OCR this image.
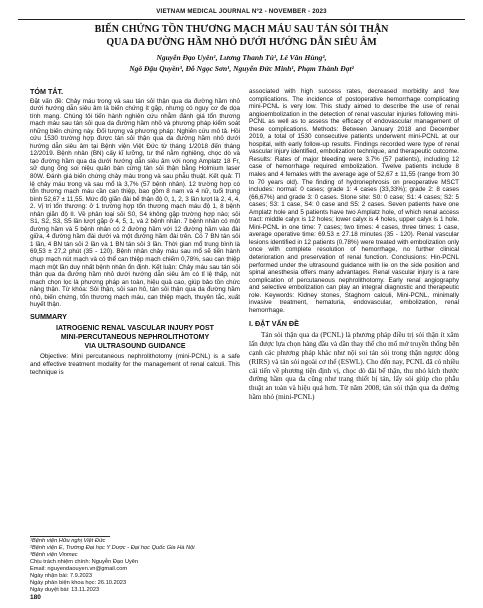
VIETNAM MEDICAL JOURNAL Nº2 - NOVEMBER - 2023
BIẾN CHỨNG TỒN THƯƠNG MẠCH MÁU SAU TÁN SỎI THẬN
QUA DA ĐƯỜNG HẦM NHỎ DƯỚI HƯỚNG DẪN SIÊU ÂM
Nguyễn Đạo Uyên¹, Lương Thanh Tú¹, Lê Văn Hùng²,
Ngô Đậu Quyền³, Đỗ Ngọc Sơn¹, Nguyễn Đức Minh¹, Phạm Thành Đạt²
TÓM TẮT.
Đặt vấn đề: Chảy máu trong và sau tán sỏi thận qua da đường hầm nhỏ dưới hướng dẫn siêu âm là biến chứng ít gặp, nhưng có nguy cơ đe dọa tính mạng. Chúng tôi tiến hành nghiên cứu nhằm đánh giá tổn thương mạch máu sau tán sỏi qua da đường hầm nhỏ và phương pháp kiểm soát những biến chứng này. Đối tượng và phương pháp: Nghiên cứu mô tả. Hồi cứu 1530 trường hợp được tán sỏi thận qua da đường hầm nhỏ dưới hướng dẫn siêu âm tại Bệnh viện Việt Đức từ tháng 1/2018 đến tháng 12/2019. Bệnh nhân (BN) cấy kĩ lưỡng, tư thế nằm nghiêng, chọc dò và tạo đường hầm qua da dưới hướng dẫn siêu âm với nong Amplatz 18 Fr, sử dụng ống soi niệu quản bán cứng tán sỏi thận bằng Holmium laser 80W. Đánh giá biến chứng chảy máu trong và sau phẫu thuật. Kết quả: Tỉ lệ chảy máu trong và sau mổ là 3,7% (57 bệnh nhân). 12 trường hợp có tổn thương mạch máu cần can thiệp, bao gồm 8 nam và 4 nữ, tuổi trung bình 52,67 ± 11,55. Mức độ giãn đài bể thận độ 0, 1, 2, 3 lần lượt là 2, 4, 4, 2. Vị trí tổn thương: ở 1 trường hợp tổn thương mạch máu độ 1, 8 bệnh nhân giãn độ II. Về phân loại sỏi S0, S4 không gặp trường hợp nào; sỏi S1, S2, S3, S5 lần lượt gặp ở 4, 5, 1, và 2 bệnh nhân. 7 bệnh nhân có một đường hầm và 5 bệnh nhân có 2 đường hầm với 12 đường hầm vào đài giữa, 4 đường hầm đài dưới và một đường hầm đài trên. Có 7 BN tán sỏi 1 lần, 4 BN tán sỏi 2 lần và 1 BN tán sỏi 3 lần. Thời gian mổ trung bình là 69,53 ± 27,2 phút (35 - 120). Bệnh nhân chảy máu sau mổ sẽ tiến hành chụp mạch nút mạch và có thể can thiệp mạch chiếm 0,78%, sau can thiệp mạch một lần duy nhất bệnh nhân ổn định. Kết luận: Chảy máu sau tán sỏi thận qua da đường hầm nhỏ dưới hướng dẫn siêu âm có tỉ lệ thấp, nút mạch chọn lọc là phương pháp an toàn, hiệu quả cao, giúp bảo tồn chức năng thận. Từ khóa: Sỏi thận, sỏi san hô, tán sỏi thận qua da đường hầm nhỏ, biến chứng, tổn thương mạch máu, can thiệp mạch, thuyên tắc, xuất huyết thận.
SUMMARY
IATROGENIC RENAL VASCULAR INJURY POST
MINI-PERCUTANEOUS NEPHROLITHOTOMY
VIA ULTRASOUND GUIDANCE
Objective: Mini percutaneous nephrolithotomy (mini-PCNL) is a safe and effective treatment modality for the management of renal calculi. This technique is
associated with high success rates, decreased morbidity and few complications. The incidence of postoperative hemorrhage complicating mini-PCNL is very low. This study aimed to describe the use of renal angioembolization in the detection of renal vascular injuries following mini-PCNL as well as to assess the efficacy of endovascular management of these complications. Methods: Between January 2018 and December 2019, a total of 1530 consecutive patients underwent mini-PCNL at our hospital, with early follow-up results. Findings recorded were type of renal vascular injury identified, embolization technique, and therapeutic outcome. Results: Rates of major bleeding were 3.7% (57 patients), including 12 case of hemorrhage required embolization. Twelve patients include 8 males and 4 females with the average age of 52,67 ± 11,55 (range from 30 to 70 years old). The finding of hydronephrosis on preoperative MSCT includes: normal: 0 cases; grade 1: 4 cases (33,33%); grade 2: 8 cases (66,67%) and grade 3: 0 cases. Stone site: S0: 0 case; S1: 4 cases; S2: 5 cases; S3: 1 case, S4: 0 case and S5: 2 cases. Seven patients have one Amplatz hole and 5 patients have two Amplatz hole, of which renal access tract: middle calyx is 12 holes; lower calyx is 4 holes, upper calyx is 1 hole. Mini-PCNL in one time: 7 cases; two times: 4 cases, three times: 1 case, average operative time: 69.53 ± 27.18 minutes (35 - 120). Renal vascular lesions identified in 12 patients (0.78%) were treated with embolization only once with complete resolution of hemorrhage, no further clinical deterioration and preservation of renal function. Conclusions: Hin-PCNL performed under the ultrasound guidance with lie on the side position and spinal anesthesia offers many advantages. Renal vascular injury is a rare complication of percutaneous nephrolithotomy. Early renal angiography and selective embolization can play an integral diagnostic and therapeutic role. Keywords: Kidney stones, Staghorn calculi, Mini-PCNL, minimally invasive treatment, hematuria, endovascular, embolization, renal hemorrhage.
I. ĐẶT VẤN ĐỀ
Tán sỏi thận qua da (PCNL) là phương pháp điều trị sỏi thận ít xâm lấn được lựa chọn hàng đầu và dần thay thế cho mổ mở truyền thống bên cạnh các phương pháp khác như nội soi tán sỏi trong thận ngược dòng (RIRS) và tán sỏi ngoài cơ thể (ESWL). Cho đến nay, PCNL đã có nhiều cải tiến về phương tiện định vị, chọc dò đài bể thận, thu nhỏ kích thước đường hầm qua da cũng như trang thiết bị tán, lấy sỏi giúp cho phẫu thuật an toàn và hiệu quả hơn. Từ năm 2008, tán sỏi thận qua da đường hầm nhỏ (mini-PCNL)
¹Bệnh viện Hữu nghị Việt Đức
²Bệnh viện E, Trường Đại học Y Dược - Đại học Quốc Gia Hà Nội
³Bệnh viện Vinmec
Chịu trách nhiệm chính: Nguyễn Đạo Uyên
Email: nguyendaouyen.vn@gmail.com
Ngày nhận bài: 7.9.2023
Ngày phản biện khoa học: 26.10.2023
Ngày duyệt bài: 13.11.2023
180
